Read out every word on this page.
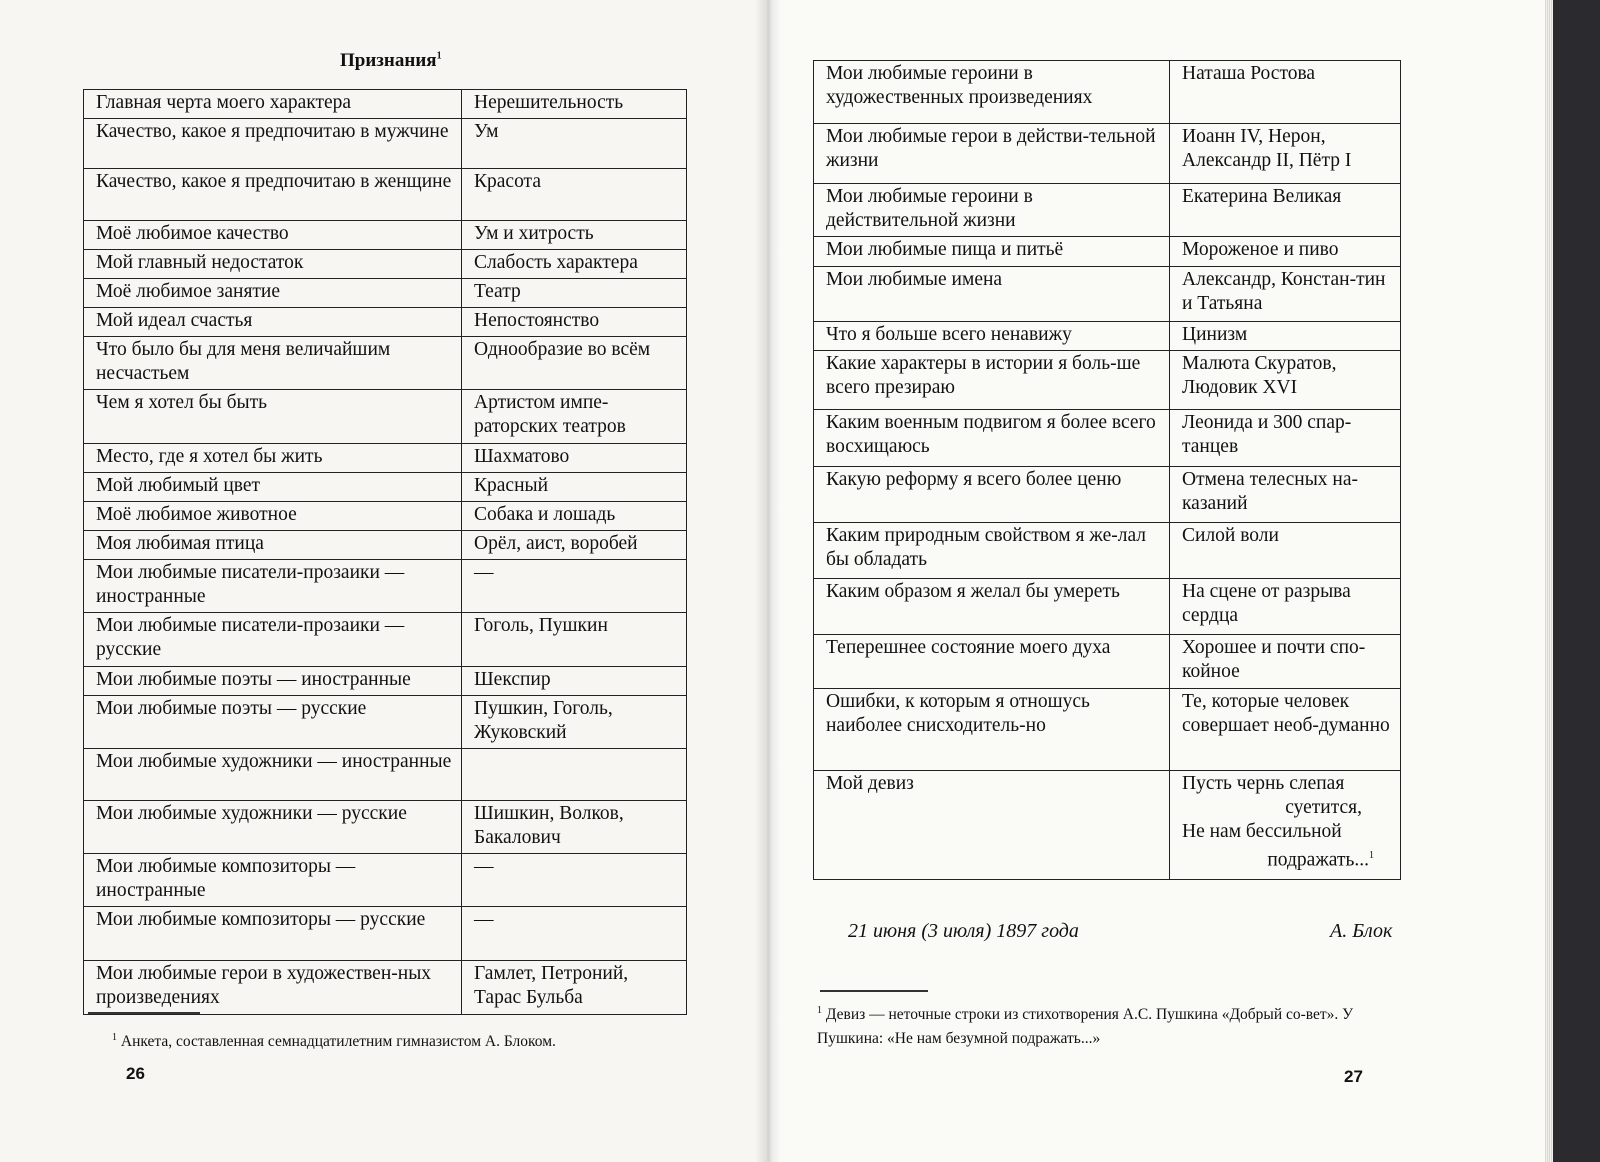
Признания$^1$
Главная черта моего характера	Нерешительность
Качество, какое я предпочитаю в мужчине	Ум
Качество, какое я предпочитаю в женщине	Красота
Моё любимое качество	Ум и хитрость
Мой главный недостаток	Слабость характера
Моё любимое занятие	Театр
Мой идеал счастья	Непостоянство
Что было бы для меня величайшим несчастьем	Однообразие во всём
Чем я хотел бы быть	Артистом импе-раторских театров
Место, где я хотел бы жить	Шахматово
Мой любимый цвет	Красный
Моё любимое животное	Собака и лошадь
Моя любимая птица	Орёл, аист, воробей
Мои любимые писатели-прозаики — иностранные	—
Мои любимые писатели-прозаики — русские	Гоголь, Пушкин
Мои любимые поэты — иностранные	Шекспир
Мои любимые поэты — русские	Пушкин, Гоголь, Жуковский
Мои любимые художники — иностранные	
Мои любимые художники — русские	Шишкин, Волков, Бакалович
Мои любимые композиторы — иностранные	—
Мои любимые композиторы — русские	—
Мои любимые герои в художествен-ных произведениях	Гамлет, Петроний, Тарас Бульба
$^1$ Анкета, составленная семнадцатилетним гимназистом А. Блоком.
26
Мои любимые героини в художественных произведениях	Наташа Ростова
Мои любимые герои в действи-тельной жизни	Иоанн IV, Нерон, Александр II, Пётр I
Мои любимые героини в действительной жизни	Екатерина Великая
Мои любимые пища и питьё	Мороженое и пиво
Мои любимые имена	Александр, Констан-тин и Татьяна
Что я больше всего ненавижу	Цинизм
Какие характеры в истории я боль-ше всего презираю	Малюта Скуратов, Людовик XVI
Каким военным подвигом я более всего восхищаюсь	Леонида и 300 спар-танцев
Какую реформу я всего более ценю	Отмена телесных на-казаний
Каким природным свойством я же-лал бы обладать	Силой воли
Каким образом я желал бы умереть	На сцене от разрыва сердца
Теперешнее состояние моего духа	Хорошее и почти спо-койное
Ошибки, к которым я отношусь наиболее снисходитель-но	Те, которые человек совершает необ-думанно
Мой девиз	Пусть чернь слепая
суетится,
Не нам бессильной
подражать...$^1$
21 июня (3 июля) 1897 года	А. Блок
$^1$ Девиз — неточные строки из стихотворения А.С. Пушкина «Добрый со-вет». У Пушкина: «Не нам безумной подражать...»
27
